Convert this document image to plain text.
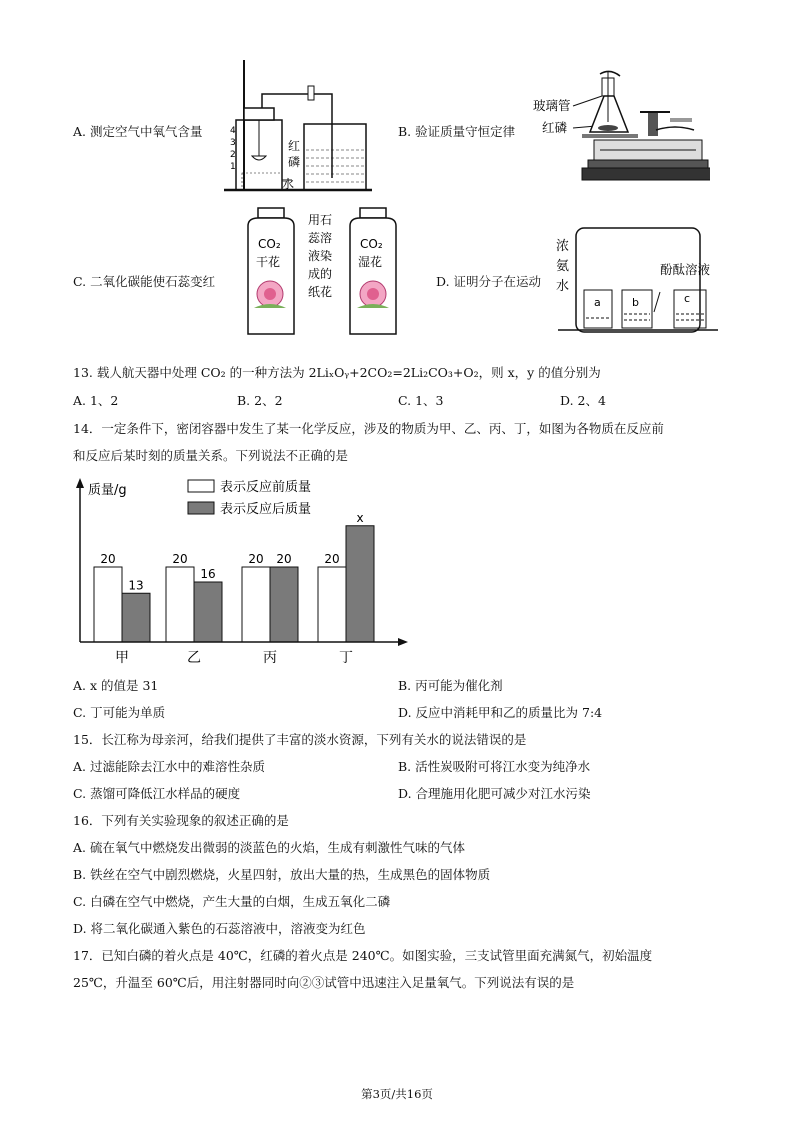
A. 测定空气中氧气含量	4
3
2
1
红
磷
水
B. 验证质量守恒定律
玻璃管
红磷
C. 二氧化碳能使石蕊变红
CO₂
干花
用石
蕊溶
液染
成的
纸花
CO₂
湿花
D. 证明分子在运动
浓
氨
水
酚酞溶液
a	b	c
13. 载人航天器中处理 CO₂ 的一种方法为 2LiₓOᵧ+2CO₂=2Li₂CO₃+O₂，则 x，y 的值分别为
A. 1、2	B. 2、2	C. 1、3	D. 2、4
14．一定条件下，密闭容器中发生了某一化学反应，涉及的物质为甲、乙、丙、丁，如图为各物质在反应前
和反应后某时刻的质量关系。下列说法不正确的是
质量/g	表示反应前质量
表示反应后质量
20
13
20
16
20 20	20
x
甲	乙	丙	丁
A. x 的值是 31	B. 丙可能为催化剂
C. 丁可能为单质	D. 反应中消耗甲和乙的质量比为 7:4
15．长江称为母亲河，给我们提供了丰富的淡水资源，下列有关水的说法错误的是
A. 过滤能除去江水中的难溶性杂质	B. 活性炭吸附可将江水变为纯净水
C. 蒸馏可降低江水样品的硬度	D. 合理施用化肥可减少对江水污染
16．下列有关实验现象的叙述正确的是
A. 硫在氧气中燃烧发出微弱的淡蓝色的火焰，生成有刺激性气味的气体
B. 铁丝在空气中剧烈燃烧，火星四射，放出大量的热，生成黑色的固体物质
C. 白磷在空气中燃烧，产生大量的白烟，生成五氧化二磷
D. 将二氧化碳通入紫色的石蕊溶液中，溶液变为红色
17．已知白磷的着火点是 40℃，红磷的着火点是 240℃。如图实验，三支试管里面充满氮气，初始温度
25℃，升温至 60℃后，用注射器同时向②③试管中迅速注入足量氧气。下列说法有误的是
第3页/共16页
